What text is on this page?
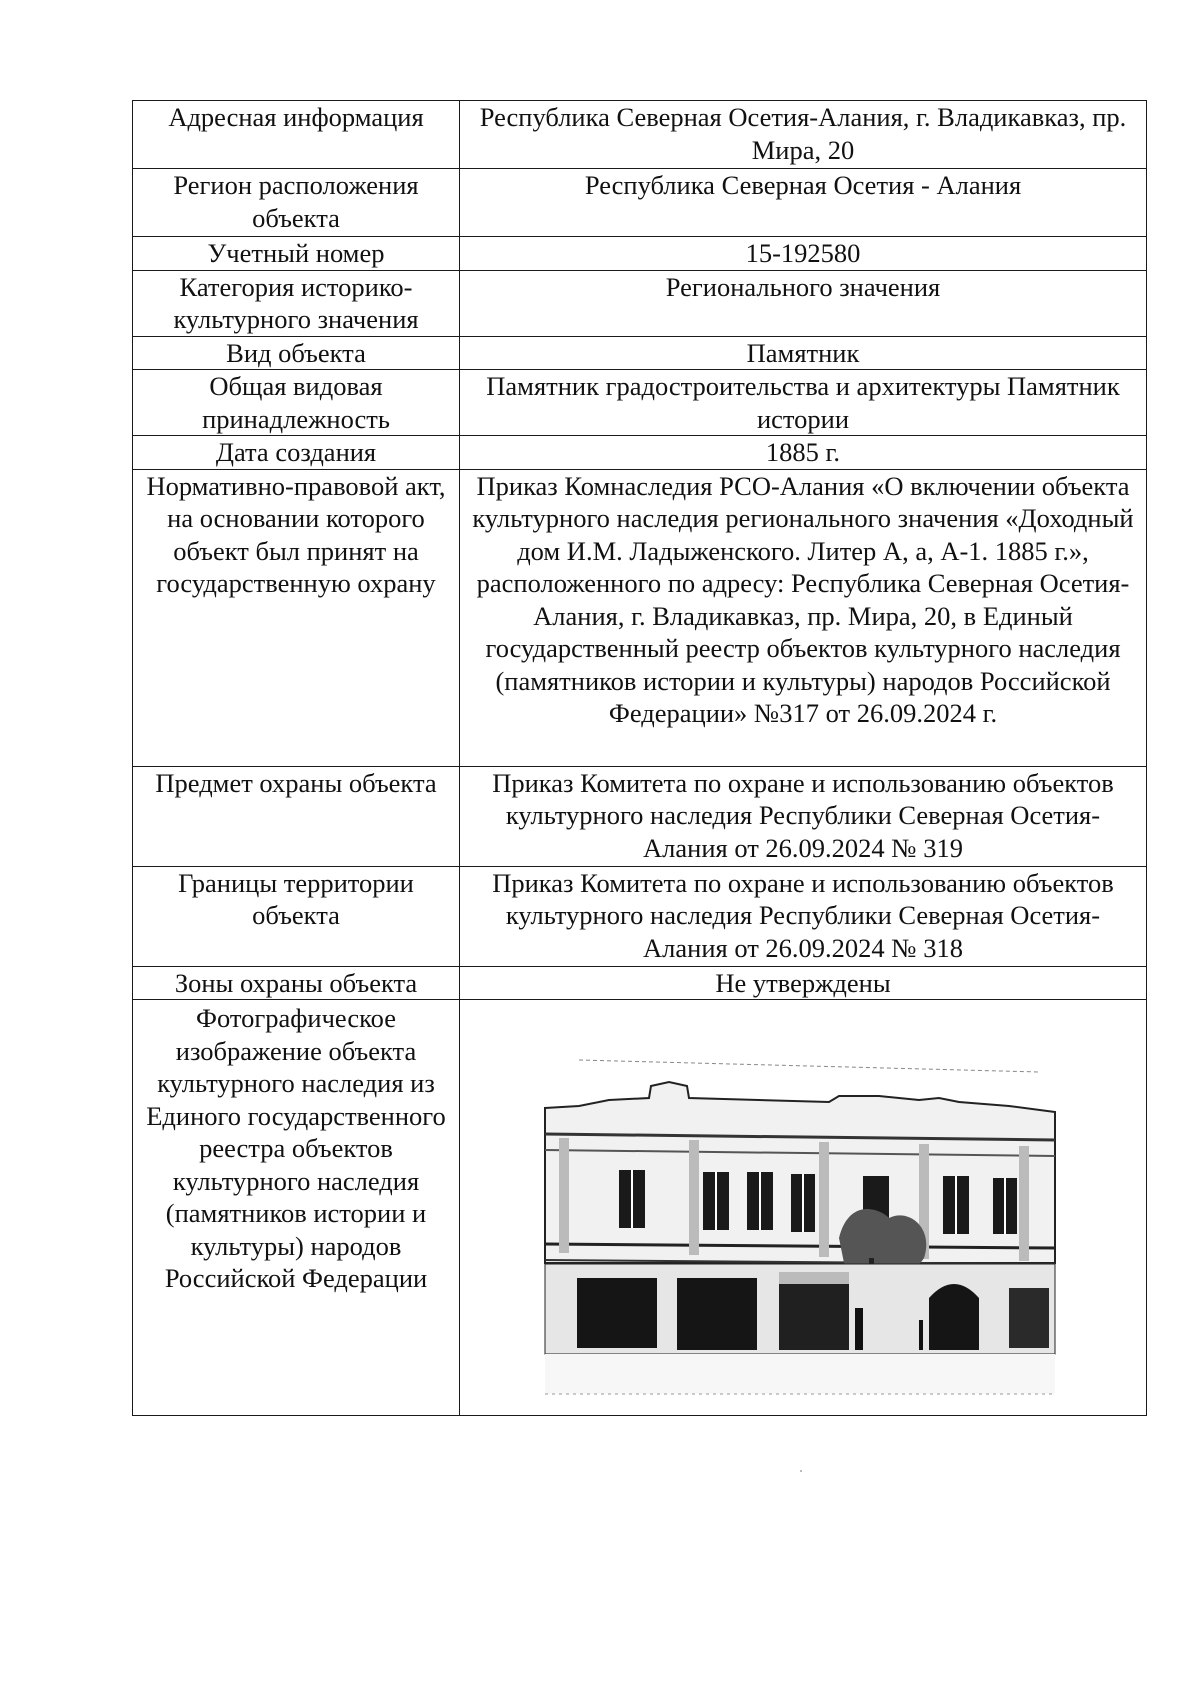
Адресная информация	Республика Северная Осетия-Алания, г. Владикавказ, пр. Мира, 20
Регион расположения объекта	Республика Северная Осетия - Алания
Учетный номер	15-192580
Категория историко-культурного значения	Регионального значения
Вид объекта	Памятник
Общая видовая принадлежность	Памятник градостроительства и архитектуры Памятник истории
Дата создания	1885 г.
Нормативно-правовой акт, на основании которого объект был принят на государственную охрану	Приказ Комнаследия РСО-Алания «О включении объекта культурного наследия регионального значения «Доходный дом И.М. Ладыженского. Литер А, а, А-1. 1885 г.», расположенного по адресу: Республика Северная Осетия-Алания, г. Владикавказ, пр. Мира, 20, в Единый государственный реестр объектов культурного наследия (памятников истории и культуры) народов Российской Федерации» №317 от 26.09.2024 г.
Предмет охраны объекта	Приказ Комитета по охране и использованию объектов культурного наследия Республики Северная Осетия-Алания от 26.09.2024 № 319
Границы территории объекта	Приказ Комитета по охране и использованию объектов культурного наследия Республики Северная Осетия-Алания от 26.09.2024 № 318
Зоны охраны объекта	Не утверждены
Фотографическое изображение объекта культурного наследия из Единого государственного реестра объектов культурного наследия (памятников истории и культуры) народов Российской Федерации	
